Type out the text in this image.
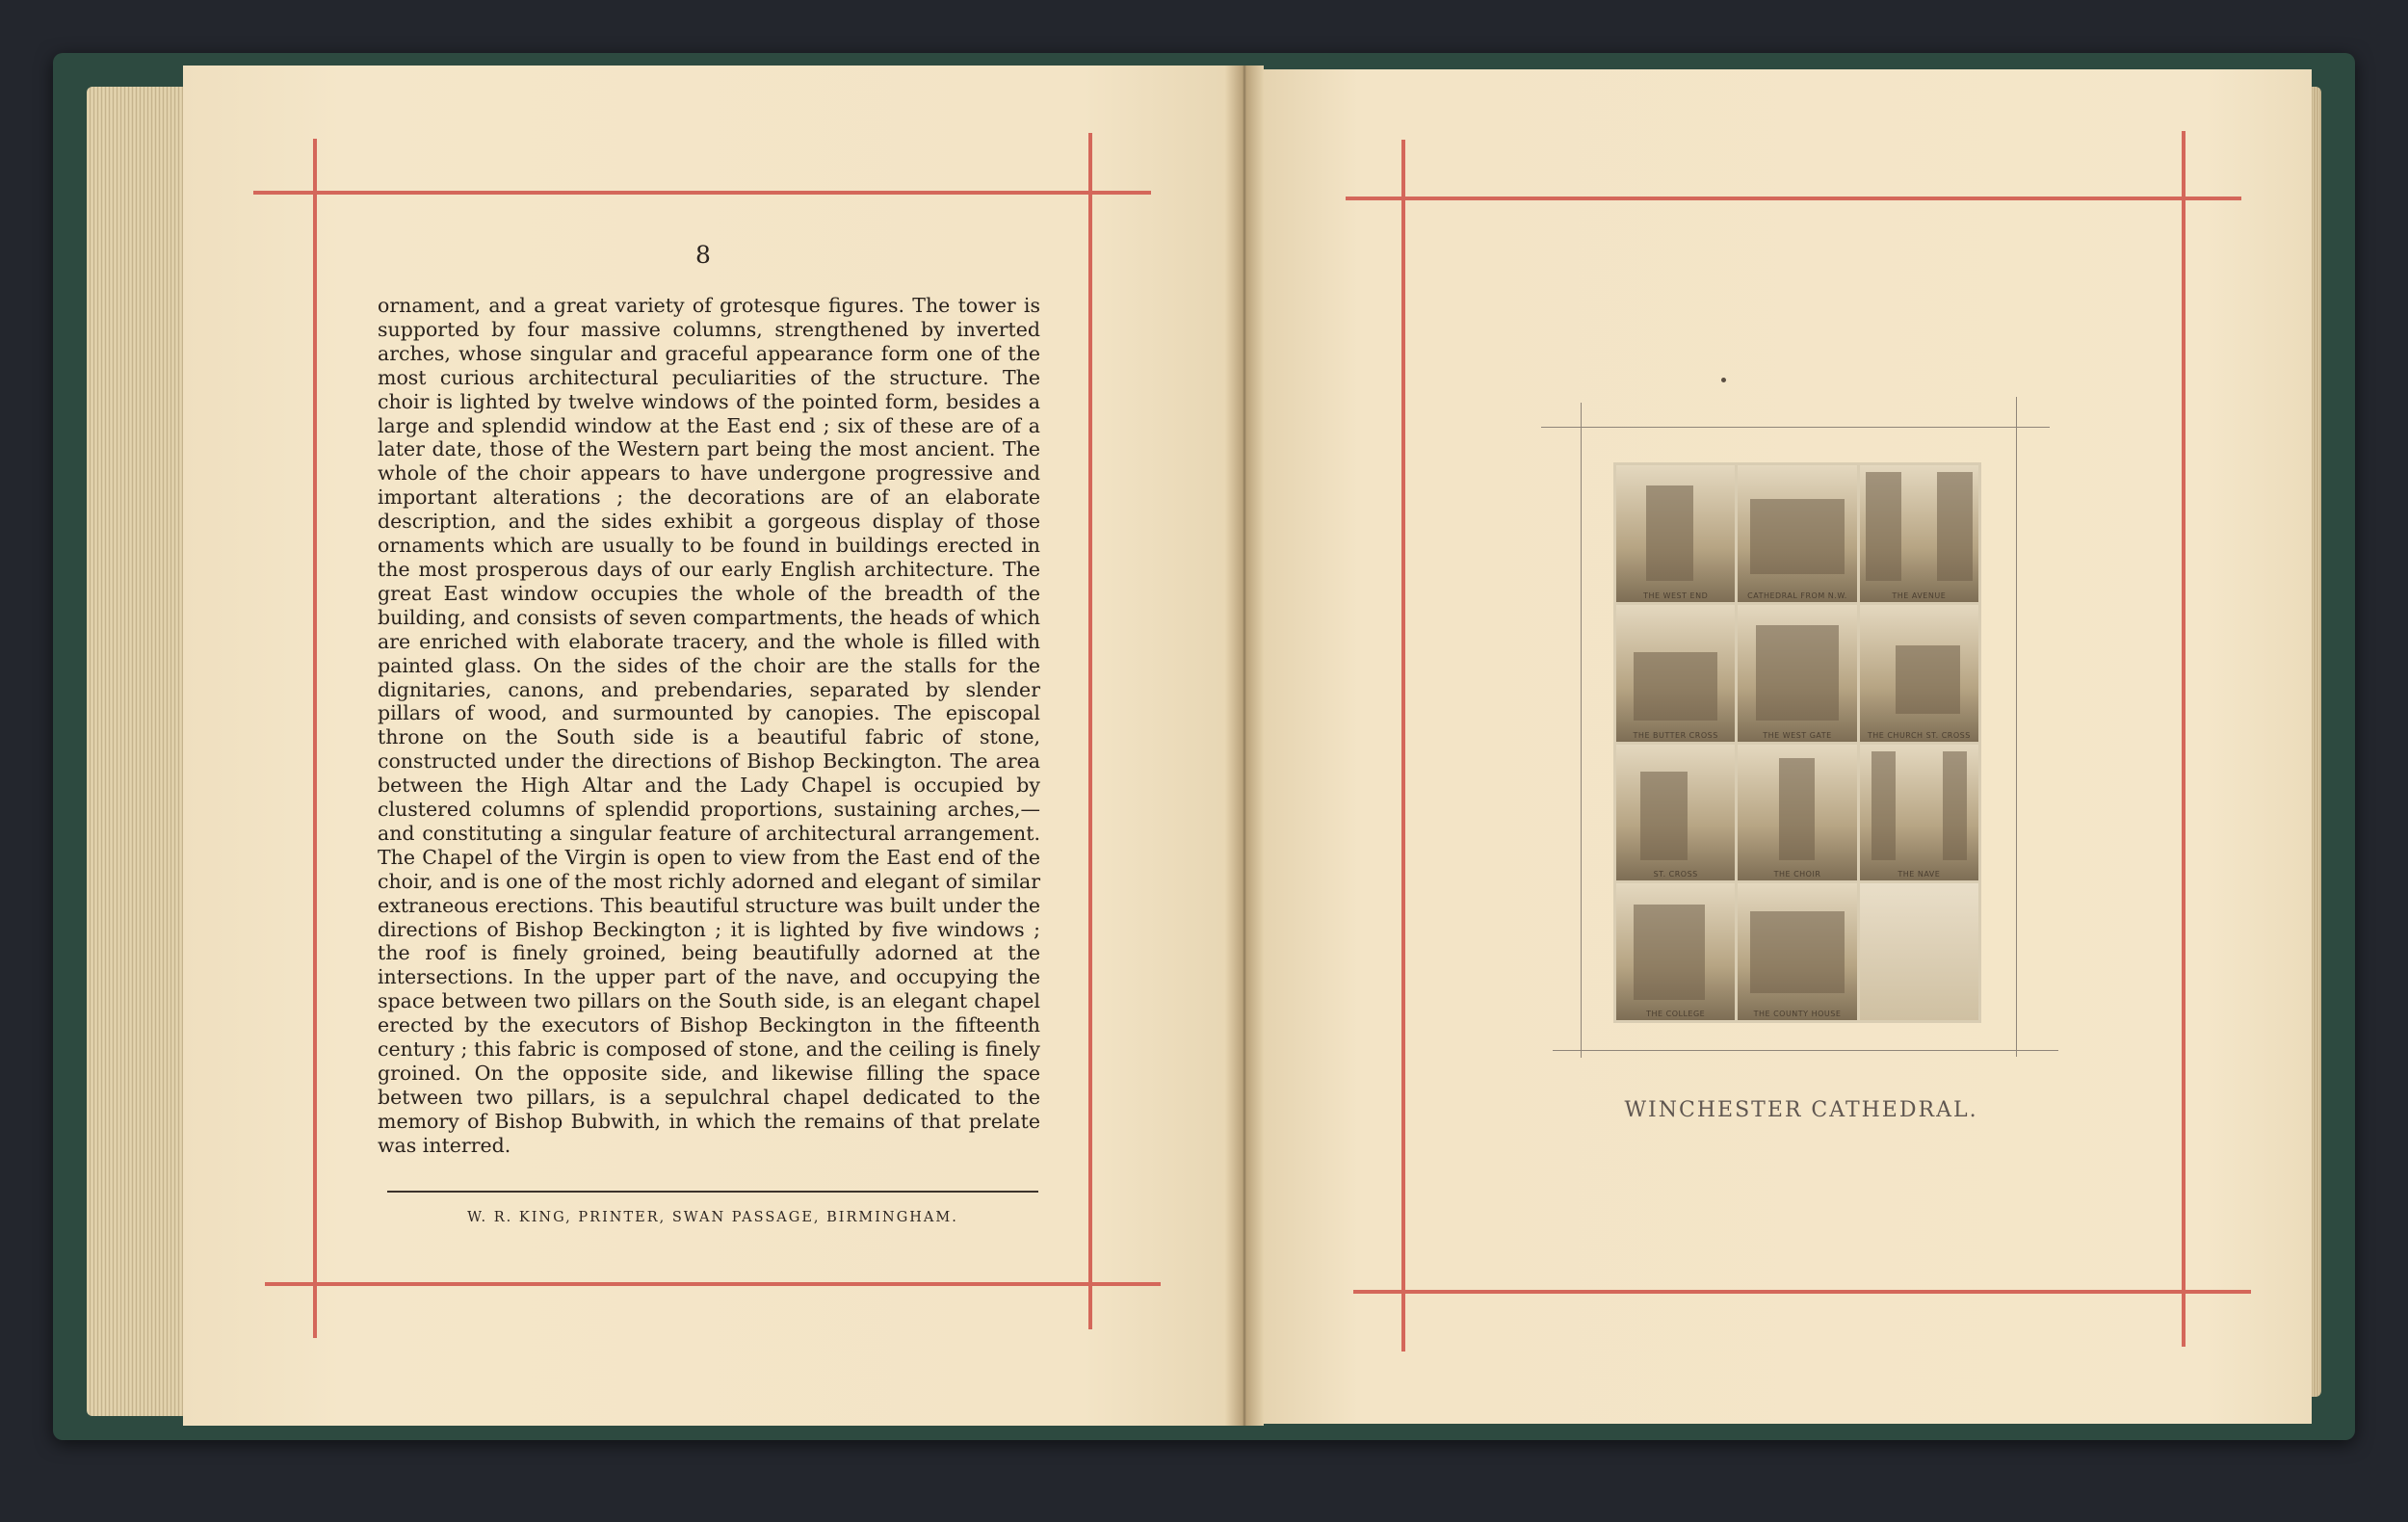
8

ornament, and a great variety of grotesque figures. The tower is supported by four massive columns, strengthened by inverted arches, whose singular and graceful appearance form one of the most curious architectural peculiarities of the structure. The choir is lighted by twelve windows of the pointed form, besides a large and splendid window at the East end ; six of these are of a later date, those of the Western part being the most ancient. The whole of the choir appears to have undergone progressive and important alterations ; the decorations are of an elaborate description, and the sides exhibit a gorgeous display of those ornaments which are usually to be found in buildings erected in the most prosperous days of our early English architecture. The great East window occupies the whole of the breadth of the building, and consists of seven compartments, the heads of which are enriched with elaborate tracery, and the whole is filled with painted glass. On the sides of the choir are the stalls for the dignitaries, canons, and prebendaries, separated by slender pillars of wood, and surmounted by canopies. The episcopal throne on the South side is a beautiful fabric of stone, constructed under the directions of Bishop Beckington. The area between the High Altar and the Lady Chapel is occupied by clustered columns of splendid proportions, sustaining arches,—and constituting a singular feature of architectural arrangement. The Chapel of the Virgin is open to view from the East end of the choir, and is one of the most richly adorned and elegant of similar extraneous erections. This beautiful structure was built under the directions of Bishop Beckington ; it is lighted by five windows ; the roof is finely groined, being beautifully adorned at the intersections. In the upper part of the nave, and occupying the space between two pillars on the South side, is an elegant chapel erected by the executors of Bishop Beckington in the fifteenth century ; this fabric is composed of stone, and the ceiling is finely groined. On the opposite side, and likewise filling the space between two pillars, is a sepulchral chapel dedicated to the memory of Bishop Bubwith, in which the remains of that prelate was interred.

W. R. KING, PRINTER, SWAN PASSAGE, BIRMINGHAM.
THE WEST END	CATHEDRAL FROM N.W.	THE AVENUE
THE BUTTER CROSS	THE WEST GATE	THE CHURCH ST. CROSS
ST. CROSS	THE CHOIR	THE NAVE
THE COLLEGE	THE COUNTY HOUSE
WINCHESTER CATHEDRAL.
